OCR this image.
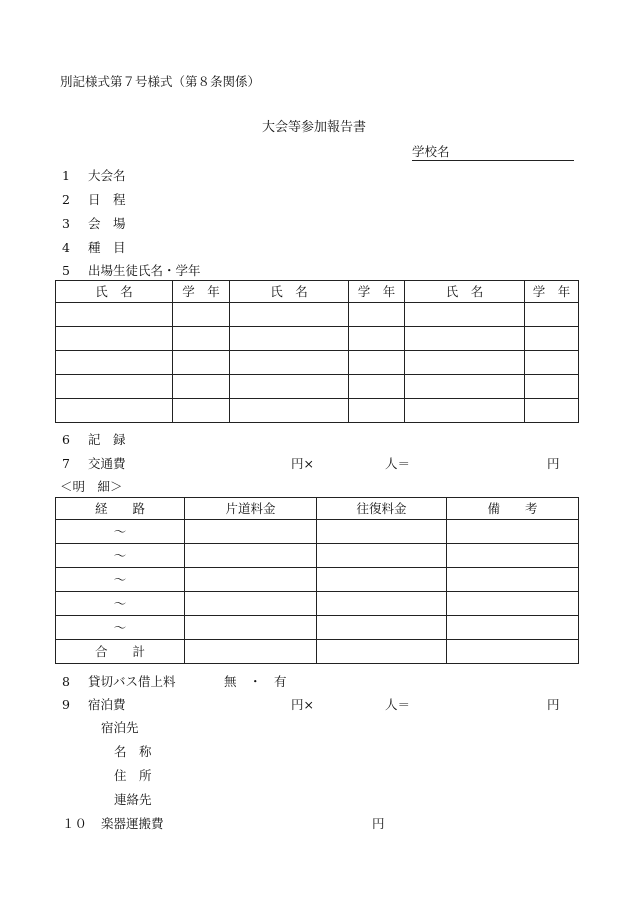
別記様式第７号様式（第８条関係）
大会等参加報告書
学校名
1 大会名
2 日　程
3 会　場
4 種　目
5 出場生徒氏名・学年
氏　名	学　年	氏　名	学　年	氏　名	学　年

6 記　録
7 交通費	円×	人＝	円
＜明　細＞
経　　路	片道料金	往復料金	備　　考
～			
～			
～			
～			
～			
合　　計			
8 貸切バス借上料	無　・　有
9 宿泊費	円×	人＝	円
宿泊先
名　称
住　所
連絡先
１０ 楽器運搬費	円
